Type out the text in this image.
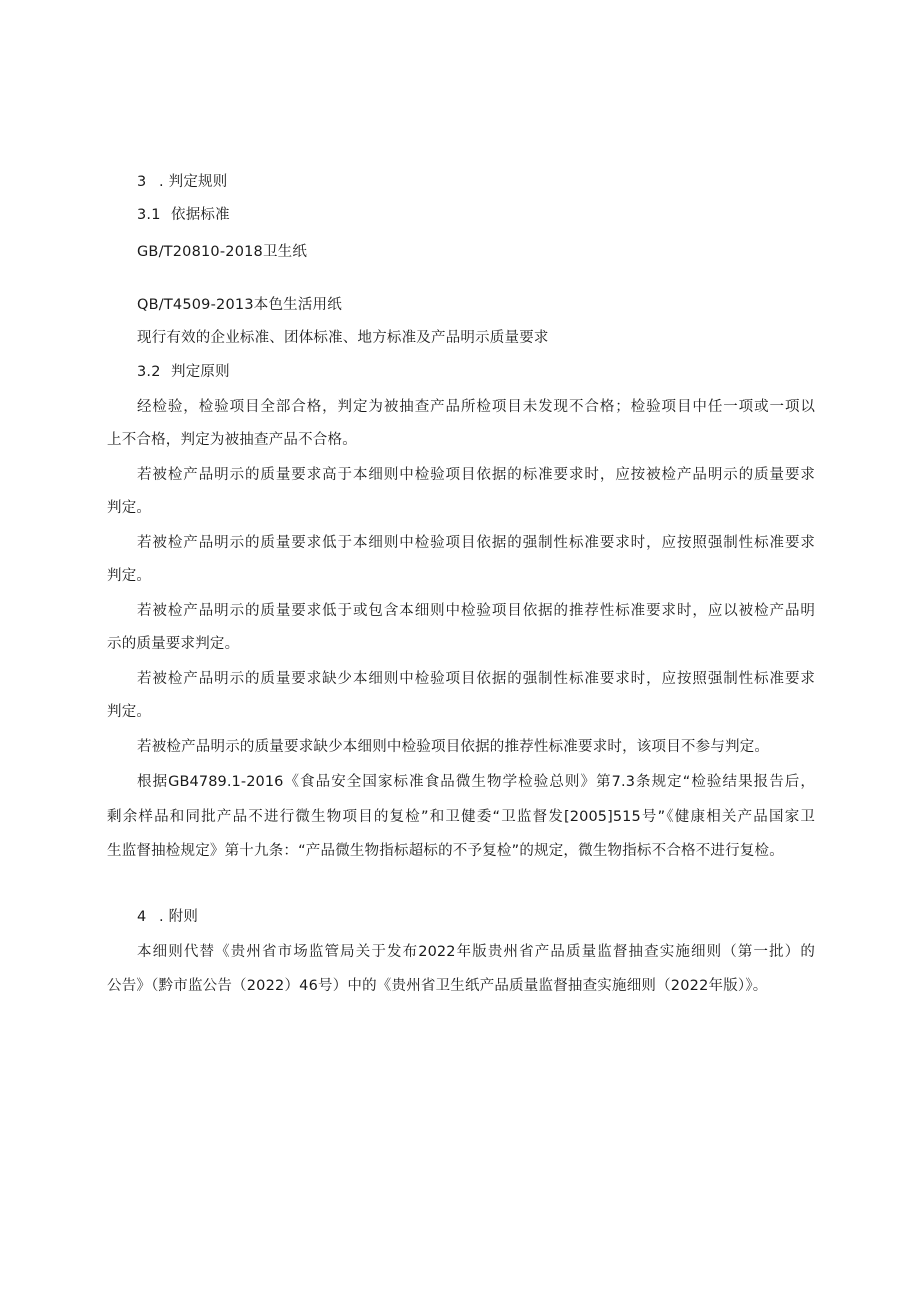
3 . 判定规则
3.1 依据标准
GB/T20810-2018卫生纸
QB/T4509-2013本色生活用纸
现行有效的企业标准、团体标准、地方标准及产品明示质量要求
3.2 判定原则
经检验，检验项目全部合格，判定为被抽查产品所检项目未发现不合格；检验项目中任一项或一项以
上不合格，判定为被抽查产品不合格。
若被检产品明示的质量要求高于本细则中检验项目依据的标准要求时，应按被检产品明示的质量要求
判定。
若被检产品明示的质量要求低于本细则中检验项目依据的强制性标准要求时，应按照强制性标准要求
判定。
若被检产品明示的质量要求低于或包含本细则中检验项目依据的推荐性标准要求时，应以被检产品明
示的质量要求判定。
若被检产品明示的质量要求缺少本细则中检验项目依据的强制性标准要求时，应按照强制性标准要求
判定。
若被检产品明示的质量要求缺少本细则中检验项目依据的推荐性标准要求时，该项目不参与判定。
根据GB4789.1-2016《食品安全国家标准食品微生物学检验总则》第7.3条规定“检验结果报告后，
剩余样品和同批产品不进行微生物项目的复检”和卫健委“卫监督发[2005]515号”《健康相关产品国家卫
生监督抽检规定》第十九条：“产品微生物指标超标的不予复检”的规定，微生物指标不合格不进行复检。
4 . 附则
本细则代替《贵州省市场监管局关于发布2022年版贵州省产品质量监督抽查实施细则（第一批）的
公告》（黔市监公告（2022）46号）中的《贵州省卫生纸产品质量监督抽查实施细则（2022年版）》。
